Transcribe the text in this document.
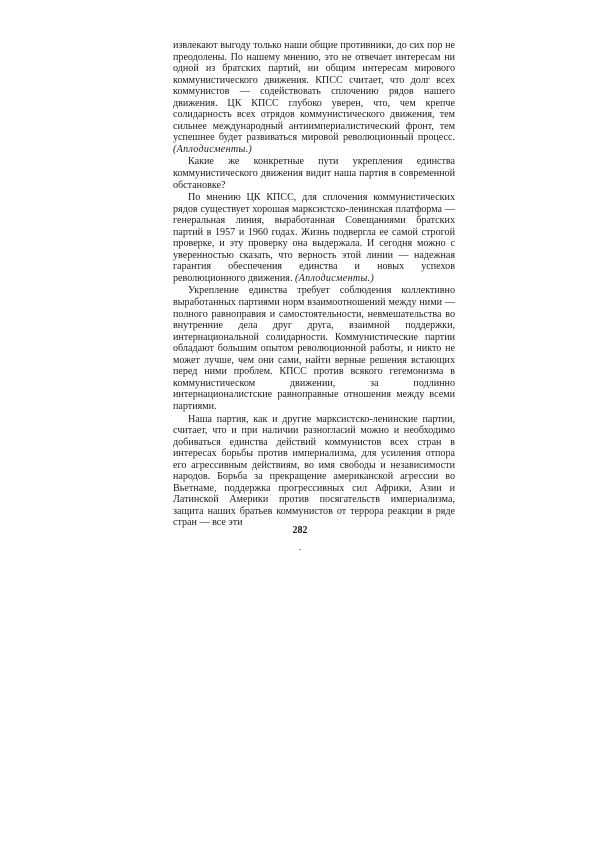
извлекают выгоду только наши общие противники, до сих пор не преодолены. По нашему мнению, это не отвечает интересам ни одной из братских партий, ни общим интересам мирового коммунистического движения. КПСС считает, что долг всех коммунистов — содействовать сплочению рядов нашего движения. ЦК КПСС глубоко уверен, что, чем крепче солидарность всех отрядов коммунистического движения, тем сильнее международный антиимпериалистический фронт, тем успешнее будет развиваться мировой революционный процесс. (Аплодисменты.)

Какие же конкретные пути укрепления единства коммунистического движения видит наша партия в современной обстановке?

По мнению ЦК КПСС, для сплочения коммунистических рядов существует хорошая марксистско-ленинская платформа — генеральная линия, выработанная Совещаниями братских партий в 1957 и 1960 годах. Жизнь подвергла ее самой строгой проверке, и эту проверку она выдержала. И сегодня можно с уверенностью сказать, что верность этой линии — надежная гарантия обеспечения единства и новых успехов революционного движения. (Аплодисменты.)

Укрепление единства требует соблюдения коллективно выработанных партиями норм взаимоотношений между ними — полного равноправия и самостоятельности, невмешательства во внутренние дела друг друга, взаимной поддержки, интернациональной солидарности. Коммунистические партии обладают большим опытом революционной работы, и никто не может лучше, чем они сами, найти верные решения встающих перед ними проблем. КПСС против всякого гегемонизма в коммунистическом движении, за подлинно интернационалистские равноправные отношения между всеми партиями.

Наша партия, как и другие марксистско-ленинские партии, считает, что и при наличии разногласий можно и необходимо добиваться единства действий коммунистов всех стран в интересах борьбы против империализма, для усиления отпора его агрессивным действиям, во имя свободы и независимости народов. Борьба за прекращение американской агрессии во Вьетнаме, поддержка прогрессивных сил Африки, Азии и Латинской Америки против посягательств империализма, защита наших братьев коммунистов от террора реакции в ряде стран — все эти

282
